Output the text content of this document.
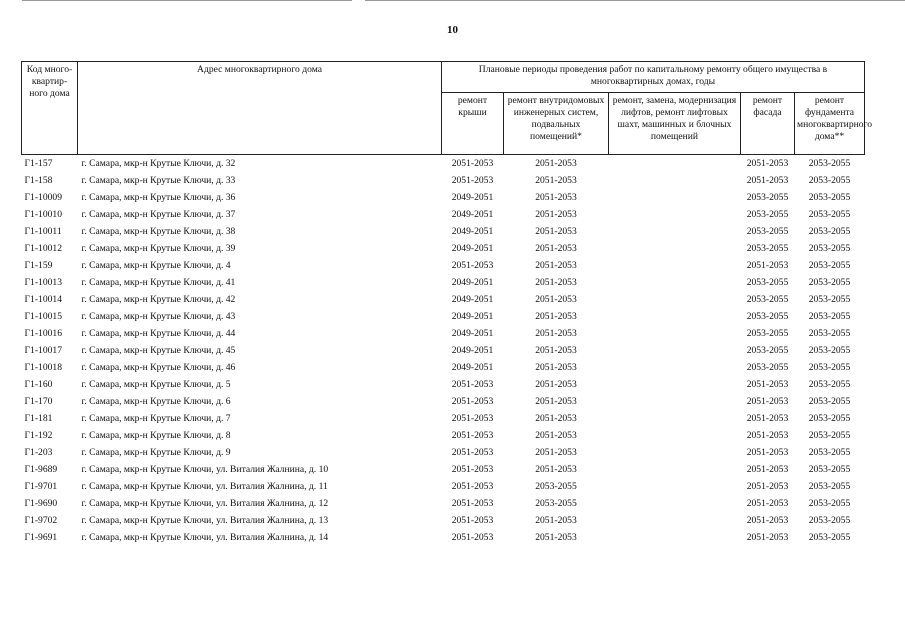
10
Код много-квартир-ного дома	Адрес многоквартирного дома	Плановые периоды проведения работ по капитальному ремонту общего имущества в многоквартирных домах, годы				
		ремонт крыши	ремонт внутридомовых инженерных систем, подвальных помещений*	ремонт, замена, модернизация лифтов, ремонт лифтовых шахт, машинных и блочных помещений	ремонт фасада	ремонт фундамента многоквартирного дома**
Г1-157	г. Самара, мкр-н Крутые Ключи, д. 32	2051-2053	2051-2053		2051-2053	2053-2055
Г1-158	г. Самара, мкр-н Крутые Ключи, д. 33	2051-2053	2051-2053		2051-2053	2053-2055
Г1-10009	г. Самара, мкр-н Крутые Ключи, д. 36	2049-2051	2051-2053		2053-2055	2053-2055
Г1-10010	г. Самара, мкр-н Крутые Ключи, д. 37	2049-2051	2051-2053		2053-2055	2053-2055
Г1-10011	г. Самара, мкр-н Крутые Ключи, д. 38	2049-2051	2051-2053		2053-2055	2053-2055
Г1-10012	г. Самара, мкр-н Крутые Ключи, д. 39	2049-2051	2051-2053		2053-2055	2053-2055
Г1-159	г. Самара, мкр-н Крутые Ключи, д. 4	2051-2053	2051-2053		2051-2053	2053-2055
Г1-10013	г. Самара, мкр-н Крутые Ключи, д. 41	2049-2051	2051-2053		2053-2055	2053-2055
Г1-10014	г. Самара, мкр-н Крутые Ключи, д. 42	2049-2051	2051-2053		2053-2055	2053-2055
Г1-10015	г. Самара, мкр-н Крутые Ключи, д. 43	2049-2051	2051-2053		2053-2055	2053-2055
Г1-10016	г. Самара, мкр-н Крутые Ключи, д. 44	2049-2051	2051-2053		2053-2055	2053-2055
Г1-10017	г. Самара, мкр-н Крутые Ключи, д. 45	2049-2051	2051-2053		2053-2055	2053-2055
Г1-10018	г. Самара, мкр-н Крутые Ключи, д. 46	2049-2051	2051-2053		2053-2055	2053-2055
Г1-160	г. Самара, мкр-н Крутые Ключи, д. 5	2051-2053	2051-2053		2051-2053	2053-2055
Г1-170	г. Самара, мкр-н Крутые Ключи, д. 6	2051-2053	2051-2053		2051-2053	2053-2055
Г1-181	г. Самара, мкр-н Крутые Ключи, д. 7	2051-2053	2051-2053		2051-2053	2053-2055
Г1-192	г. Самара, мкр-н Крутые Ключи, д. 8	2051-2053	2051-2053		2051-2053	2053-2055
Г1-203	г. Самара, мкр-н Крутые Ключи, д. 9	2051-2053	2051-2053		2051-2053	2053-2055
Г1-9689	г. Самара, мкр-н Крутые Ключи, ул. Виталия Жалнина, д. 10	2051-2053	2051-2053		2051-2053	2053-2055
Г1-9701	г. Самара, мкр-н Крутые Ключи, ул. Виталия Жалнина, д. 11	2051-2053	2053-2055		2051-2053	2053-2055
Г1-9690	г. Самара, мкр-н Крутые Ключи, ул. Виталия Жалнина, д. 12	2051-2053	2053-2055		2051-2053	2053-2055
Г1-9702	г. Самара, мкр-н Крутые Ключи, ул. Виталия Жалнина, д. 13	2051-2053	2051-2053		2051-2053	2053-2055
Г1-9691	г. Самара, мкр-н Крутые Ключи, ул. Виталия Жалнина, д. 14	2051-2053	2051-2053		2051-2053	2053-2055
